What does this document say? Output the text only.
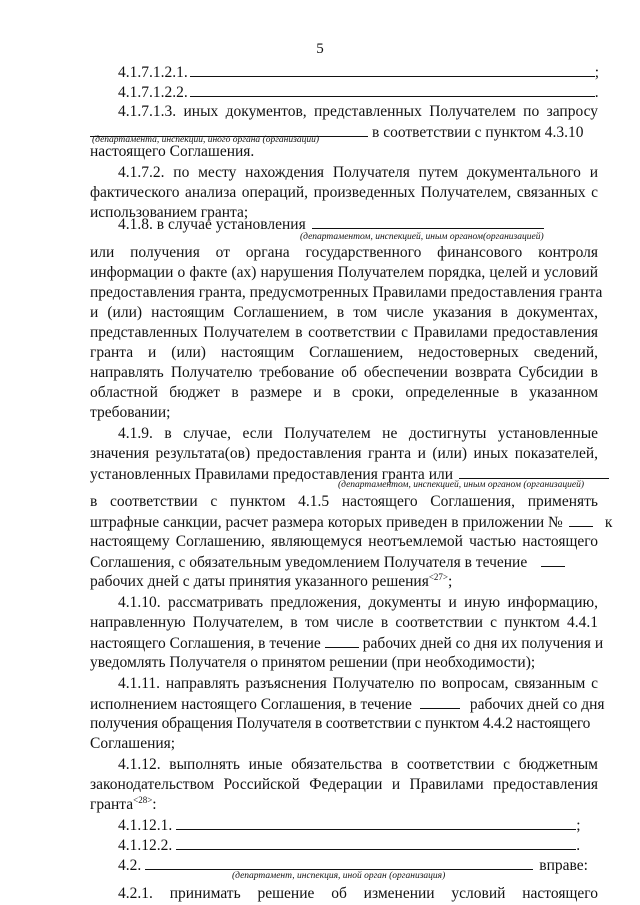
5
4.1.7.1.2.1.	;
4.1.7.1.2.2.	.
4.1.7.1.3. иных документов, представленных Получателем по запросу
в соответствии с пунктом 4.3.10
(департамента, инспекции, иного органа (организации)
настоящего Соглашения.
4.1.7.2. по месту нахождения Получателя путем документального и
фактического анализа операций, произведенных Получателем, связанных с
использованием гранта;
4.1.8. в случае установления
(департаментом, инспекцией, иным органом(организацией)
или получения от органа государственного финансового контроля
информации о факте (ах) нарушения Получателем порядка, целей и условий
предоставления гранта, предусмотренных Правилами предоставления гранта
и (или) настоящим Соглашением, в том числе указания в документах,
представленных Получателем в соответствии с Правилами предоставления
гранта и (или) настоящим Соглашением, недостоверных сведений,
направлять Получателю требование об обеспечении возврата Субсидии в
областной бюджет в размере и в сроки, определенные в указанном
требовании;
4.1.9. в случае, если Получателем не достигнуты установленные
значения результата(ов) предоставления гранта и (или) иных показателей,
установленных Правилами предоставления гранта или
(департаментом, инспекцией, иным органом (организацией)
в соответствии с пунктом 4.1.5 настоящего Соглашения, применять
штрафные санкции, расчет размера которых приведен в приложении №	к
настоящему Соглашению, являющемуся неотъемлемой частью настоящего
Соглашения, с обязательным уведомлением Получателя в течение
рабочих дней с даты принятия указанного решения$^{<27>}$;
4.1.10. рассматривать предложения, документы и иную информацию,
направленную Получателем, в том числе в соответствии с пунктом 4.4.1
настоящего Соглашения, в течение	рабочих дней со дня их получения и
уведомлять Получателя о принятом решении (при необходимости);
4.1.11. направлять разъяснения Получателю по вопросам, связанным с
исполнением настоящего Соглашения, в течение	рабочих дней со дня
получения обращения Получателя в соответствии с пунктом 4.4.2 настоящего
Соглашения;
4.1.12. выполнять иные обязательства в соответствии с бюджетным
законодательством Российской Федерации и Правилами предоставления
гранта$^{<28>}$:
4.1.12.1.	;
4.1.12.2.	.
4.2.	вправе:
(департамент, инспекция, иной орган (организация)
4.2.1. принимать решение об изменении условий настоящего
